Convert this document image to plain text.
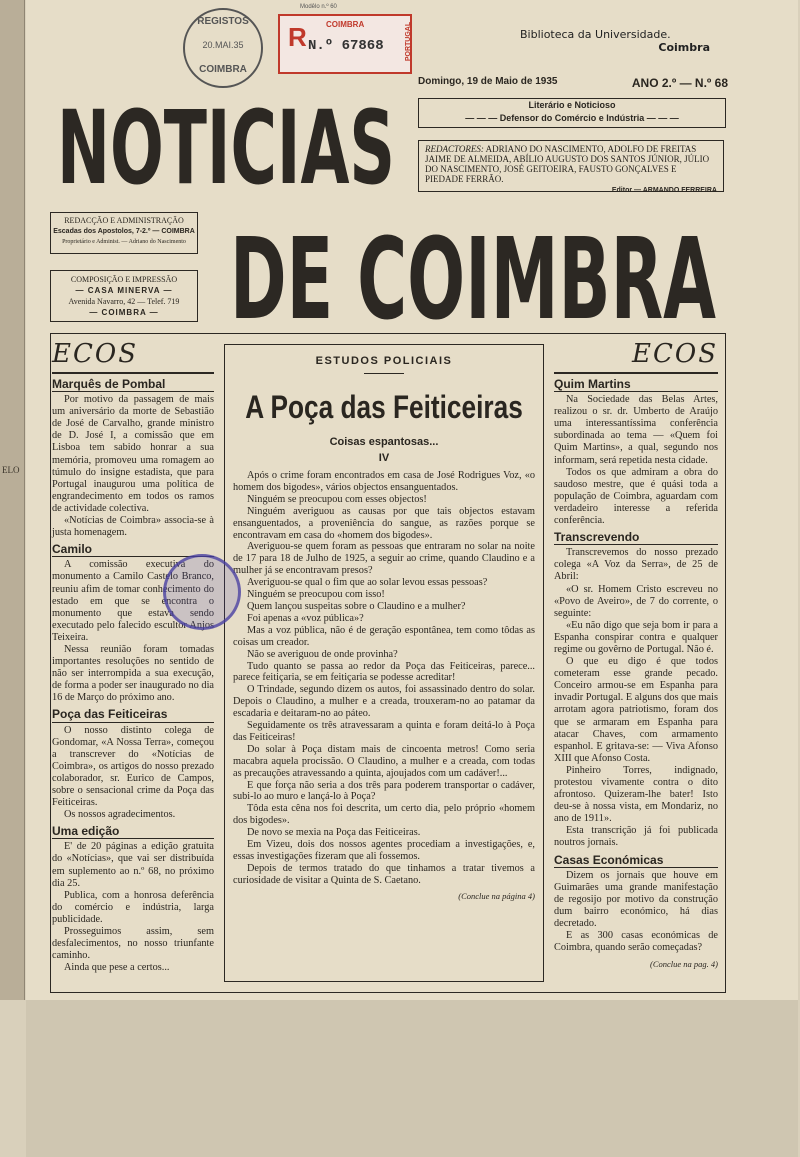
ELO
REGISTOS
20.MAI.35
COIMBRA
Modêlo n.º 60
R COIMBRA
N.º 67868	PORTUGAL	Biblioteca da Universidade.
Coimbra
NOTICIAS
DE COIMBRA
Domingo, 19 de Maio de 1935	ANO 2.º — N.º 68
Literário e Noticioso
— — — Defensor do Comércio e Indústria — — —
REDACTORES: ADRIANO DO NASCIMENTO, ADOLFO DE FREITAS JAIME DE ALMEIDA, ABÍLIO AUGUSTO DOS SANTOS JÚNIOR, JÚLIO DO NASCIMENTO, JOSÉ GEITOEIRA, FAUSTO GONÇALVES E PIEDADE FERRÃO.
Editor — ARMANDO FERREIRA
REDACÇÃO E ADMINISTRAÇÃO
Escadas dos Apostolos, 7-2.º — COIMBRA
Proprietário e Administ. — Adriano do Nascimento
COMPOSIÇÃO E IMPRESSÃO
— CASA MINERVA —
Avenida Navarro, 42 — Telef. 719
— COIMBRA —
ECOS
Marquês de Pombal

Por motivo da passagem de mais um aniversário da morte de Sebastião de José de Carvalho, grande ministro de D. José I, a comissão que em Lisboa tem sabido honrar a sua memória, promoveu uma romagem ao túmulo do insigne estadista, que para Portugal inaugurou uma política de engrandecimento em todos os ramos de actividade colectiva.

«Notícias de Coimbra» associa-se à justa homenagem.

Camilo

A comissão executiva do monumento a Camilo Castelo Branco, reuniu afim de tomar conhecimento do estado em que se encontra o monumento que estava sendo executado pelo falecido escultor Anjos Teixeira.

Nessa reunião foram tomadas importantes resoluções no sentido de não ser interrompida a sua execução, de forma a poder ser inaugurado no dia 16 de Março do próximo ano.

Poça das Feiticeiras

O nosso distinto colega de Gondomar, «A Nossa Terra», começou a transcrever do «Notícias de Coimbra», os artigos do nosso prezado colaborador, sr. Eurico de Campos, sobre o sensacional crime da Poça das Feiticeiras.

Os nossos agradecimentos.

Uma edição

E' de 20 páginas a edição gratuita do «Notícias», que vai ser distribuída em suplemento ao n.º 68, no próximo dia 25.

Publica, com a honrosa deferência do comércio e indústria, larga publicidade.

Prosseguimos assim, sem desfalecimentos, no nosso triunfante caminho.

Ainda que pese a certos...

ESTUDOS POLICIAIS
A Poça das Feiticeiras
Coisas espantosas...
IV

Após o crime foram encontrados em casa de José Rodrigues Voz, «o homem dos bigodes», vários objectos ensanguentados.

Ninguém se preocupou com esses objectos!

Ninguém averiguou as causas por que tais objectos estavam ensanguentados, a proveniência do sangue, as razões porque se encontravam em casa do «homem dos bigodes».

Averiguou-se quem foram as pessoas que entraram no solar na noite de 17 para 18 de Julho de 1925, a seguir ao crime, quando Claudino e a mulher já se encontravam presos?

Averiguou-se qual o fim que ao solar levou essas pessoas?

Ninguém se preocupou com isso!

Quem lançou suspeitas sobre o Claudino e a mulher?

Foi apenas a «voz pública»?

Mas a voz pública, não é de geração espontânea, tem como tôdas as coisas um creador.

Não se averiguou de onde provinha?

Tudo quanto se passa ao redor da Poça das Feiticeiras, parece... parece feitiçaria, se em feitiçaria se podesse acreditar!

O Trindade, segundo dizem os autos, foi assassinado dentro do solar. Depois o Claudino, a mulher e a creada, trouxeram-no ao patamar da escadaria e deitaram-no ao páteo.

Seguidamente os três atravessaram a quinta e foram deitá-lo à Poça das Feiticeiras!

Do solar à Poça distam mais de cincoenta metros! Como seria macabra aquela procissão. O Claudino, a mulher e a creada, com todas as precauções atravessando a quinta, ajoujados com um cadáver!...

E que força não seria a dos três para poderem transportar o cadáver, subi-lo ao muro e lançá-lo à Poça?

Tôda esta cêna nos foi descrita, um certo dia, pelo próprio «homem dos bigodes».

De novo se mexia na Poça das Feiticeiras.

Em Vizeu, dois dos nossos agentes procediam a investigações, e, essas investigações fizeram que ali fossemos.

Depois de termos tratado do que tinhamos a tratar tivemos a curiosidade de visitar a Quinta de S. Caetano.

(Conclue na página 4)
ECOS
Quim Martins

Na Sociedade das Belas Artes, realizou o sr. dr. Umberto de Araújo uma interessantíssima conferência subordinada ao tema — «Quem foi Quim Martins», a qual, segundo nos informam, será repetida nesta cidade.

Todos os que admiram a obra do saudoso mestre, que é quási toda a população de Coimbra, aguardam com verdadeiro interesse a referida conferência.

Transcrevendo

Transcrevemos do nosso prezado colega «A Voz da Serra», de 25 de Abril:

«O sr. Homem Cristo escreveu no «Povo de Aveiro», de 7 do corrente, o seguinte:

«Eu não digo que seja bom ir para a Espanha conspirar contra e qualquer regime ou govêrno de Portugal. Não é.

O que eu digo é que todos cometeram esse grande pecado. Conceiro armou-se em Espanha para invadir Portugal. E alguns dos que mais arrotam agora patriotismo, foram dos que se armaram em Espanha para atacar Chaves, com armamento espanhol. E gritava-se: — Viva Afonso XIII que Afonso Costa.

Pinheiro Torres, indignado, protestou vivamente contra o dito afrontoso. Quizeram-lhe bater! Isto deu-se à nossa vista, em Mondariz, no ano de 1911».

Esta transcrição já foi publicada noutros jornais.

Casas Económicas

Dizem os jornais que houve em Guimarães uma grande manifestação de regosijo por motivo da construção dum bairro económico, há dias decretado.

E as 300 casas económicas de Coimbra, quando serão começadas?

(Conclue na pag. 4)
